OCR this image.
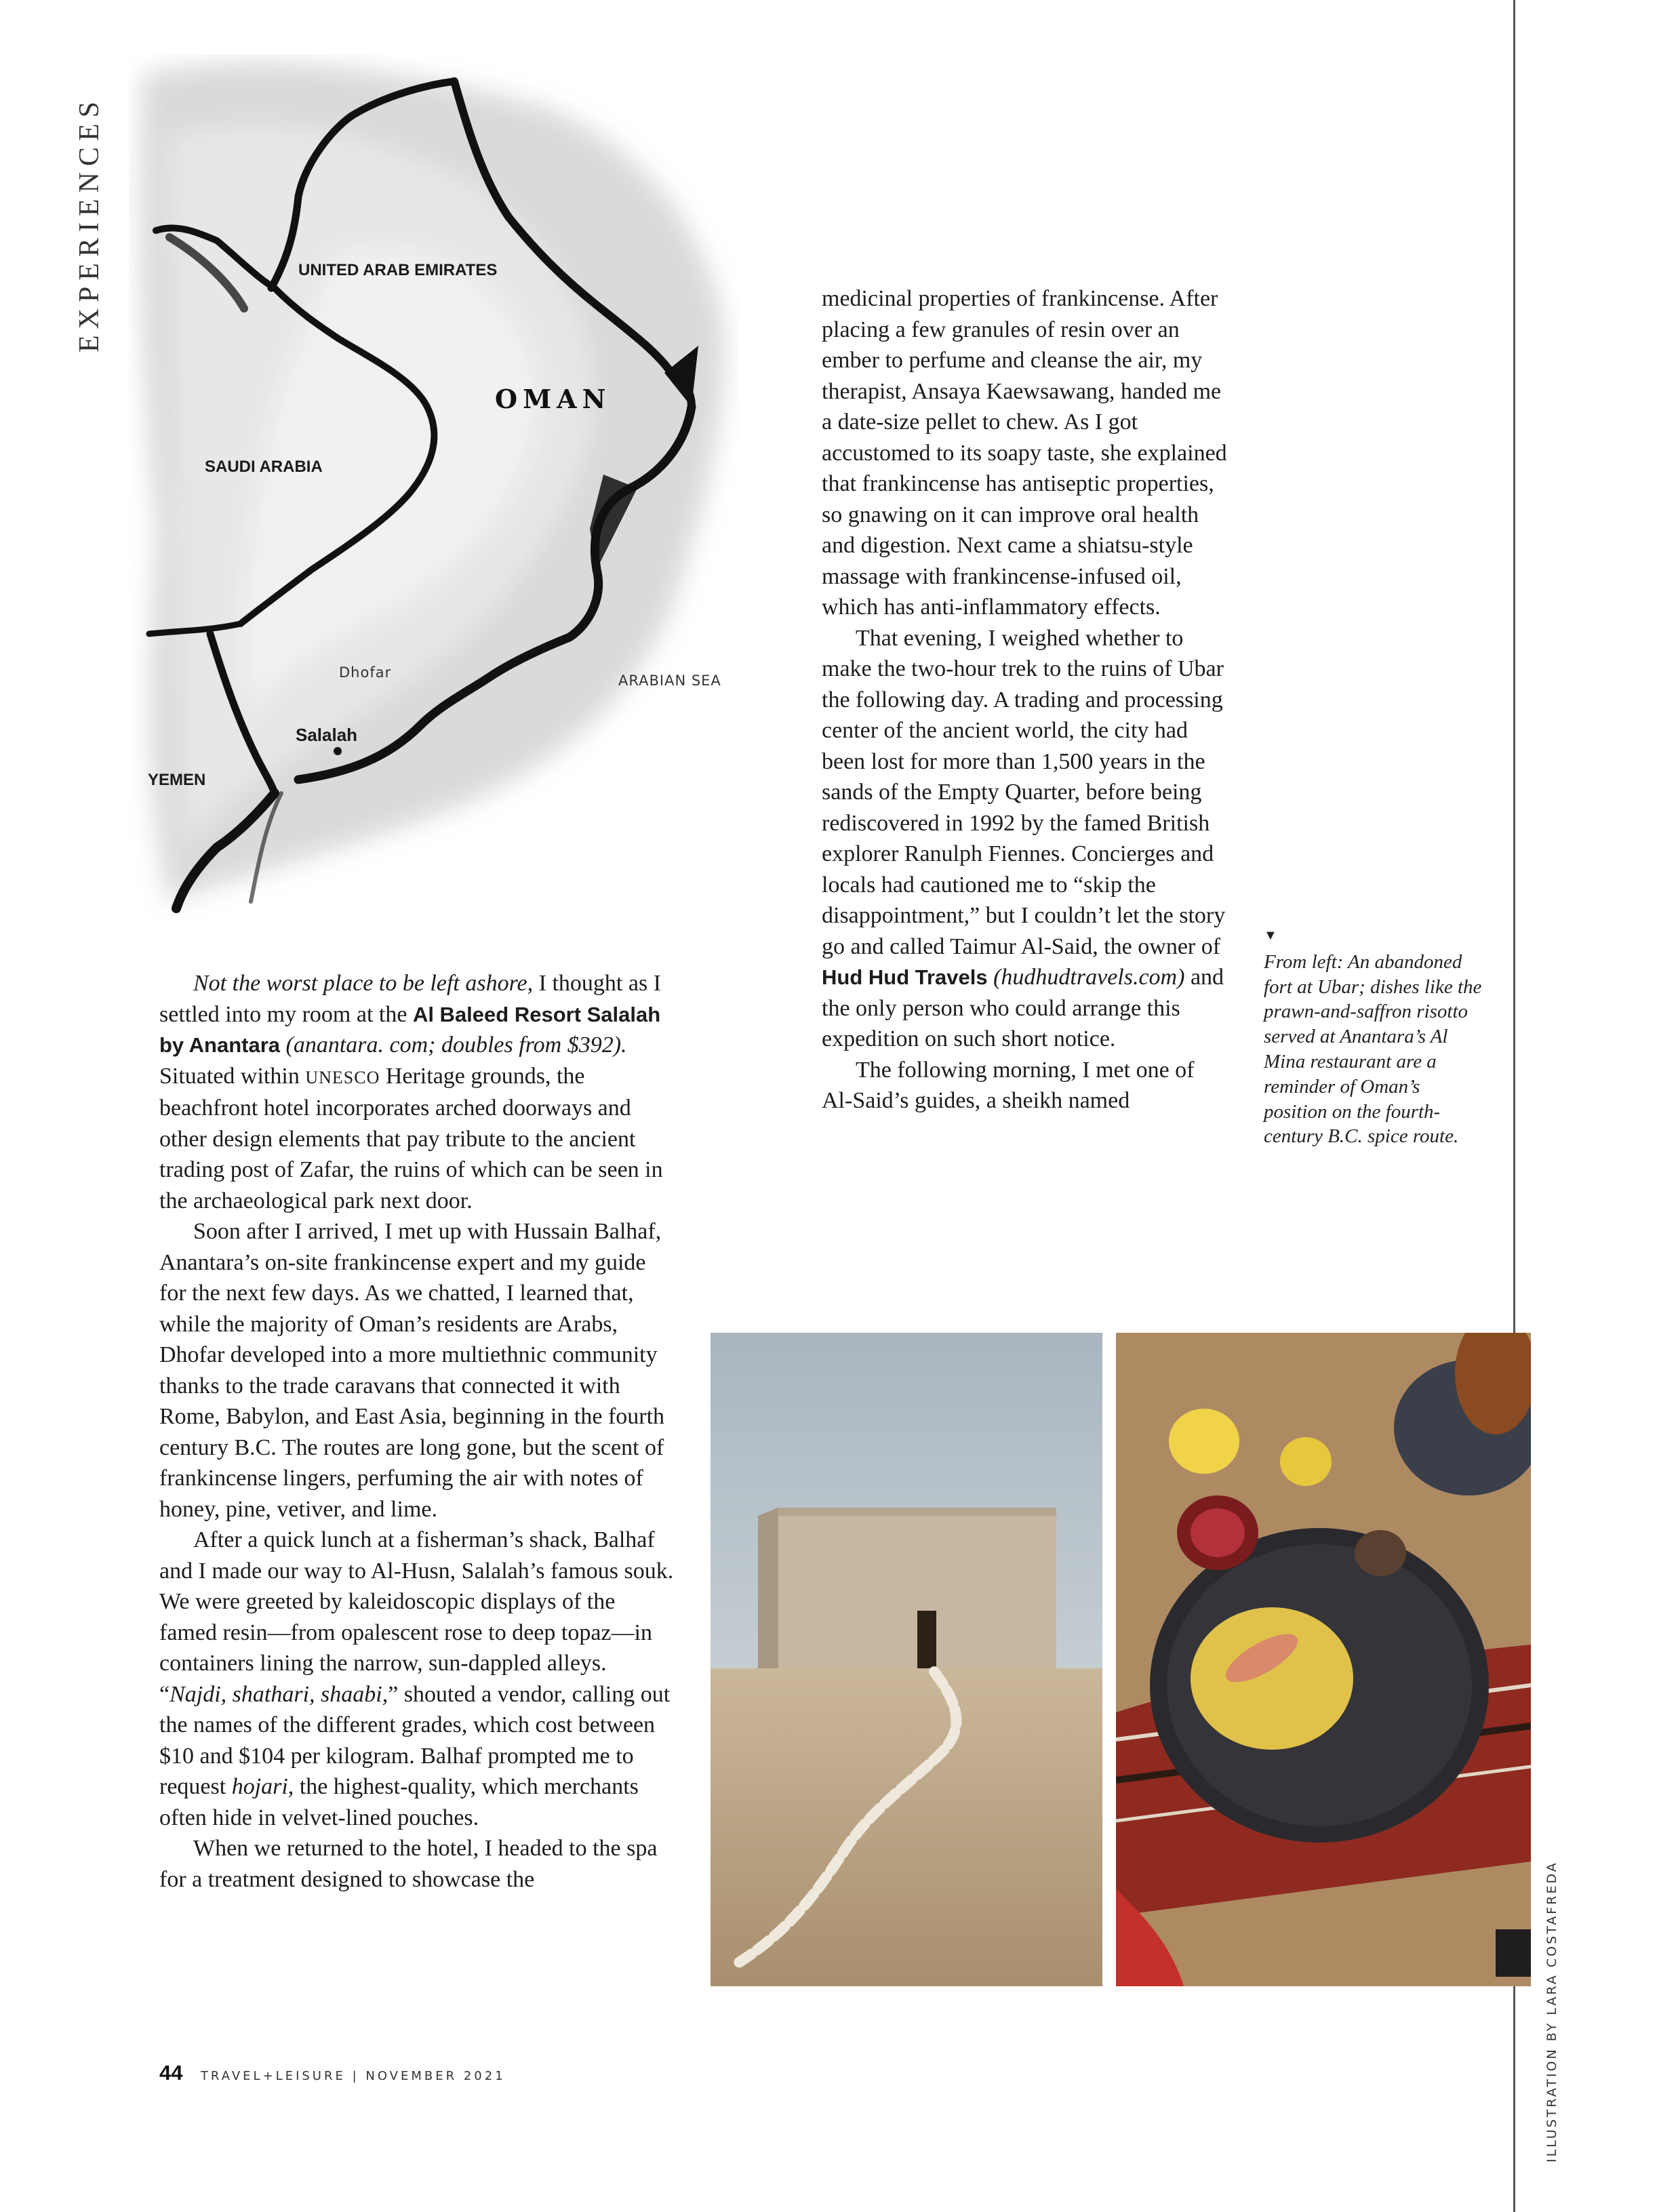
EXPERIENCES	UNITED ARAB EMIRATES
OMAN
SAUDI ARABIA
Dhofar	ARABIAN SEA
Salalah
YEMEN

Not the worst place to be left ashore, I thought as I settled into my room at the Al Baleed Resort Salalah by Anantara (anantara. com; doubles from $392). Situated within UNESCO Heritage grounds, the beachfront hotel incorporates arched doorways and other design elements that pay tribute to the ancient trading post of Zafar, the ruins of which can be seen in the archaeological park next door.

Soon after I arrived, I met up with Hussain Balhaf, Anantara’s on-site frankincense expert and my guide for the next few days. As we chatted, I learned that, while the majority of Oman’s residents are Arabs, Dhofar developed into a more multiethnic community thanks to the trade caravans that connected it with Rome, Babylon, and East Asia, beginning in the fourth century B.C. The routes are long gone, but the scent of frankincense lingers, perfuming the air with notes of honey, pine, vetiver, and lime.

After a quick lunch at a fisherman’s shack, Balhaf and I made our way to Al-Husn, Salalah’s famous souk. We were greeted by kaleidoscopic displays of the famed resin—from opalescent rose to deep topaz—in containers lining the narrow, sun-dappled alleys. “Najdi, shathari, shaabi,” shouted a vendor, calling out the names of the different grades, which cost between $10 and $104 per kilogram. Balhaf prompted me to request hojari, the highest-quality, which merchants often hide in velvet-lined pouches.

When we returned to the hotel, I headed to the spa for a treatment designed to showcase the

medicinal properties of frankincense. After placing a few granules of resin over an ember to perfume and cleanse the air, my therapist, Ansaya Kaewsawang, handed me a date-size pellet to chew. As I got accustomed to its soapy taste, she explained that frankincense has antiseptic properties, so gnawing on it can improve oral health and digestion. Next came a shiatsu-style massage with frankincense-infused oil, which has anti-inflammatory effects.

That evening, I weighed whether to make the two-hour trek to the ruins of Ubar the following day. A trading and processing center of the ancient world, the city had been lost for more than 1,500 years in the sands of the Empty Quarter, before being rediscovered in 1992 by the famed British explorer Ranulph Fiennes. Concierges and locals had cautioned me to “skip the disappointment,” but I couldn’t let the story go and called Taimur Al-Said, the owner of Hud Hud Travels (hudhudtravels.com) and the only person who could arrange this expedition on such short notice.

The following morning, I met one of Al-Said’s guides, a sheikh named

▼
From left: An abandoned fort at Ubar; dishes like the prawn-and-saffron risotto served at Anantara’s Al Mina restaurant are a reminder of Oman’s position on the fourth-century B.C. spice route.
ILLUSTRATION BY LARA COSTAFREDA
44 TRAVEL+LEISURE | NOVEMBER 2021
